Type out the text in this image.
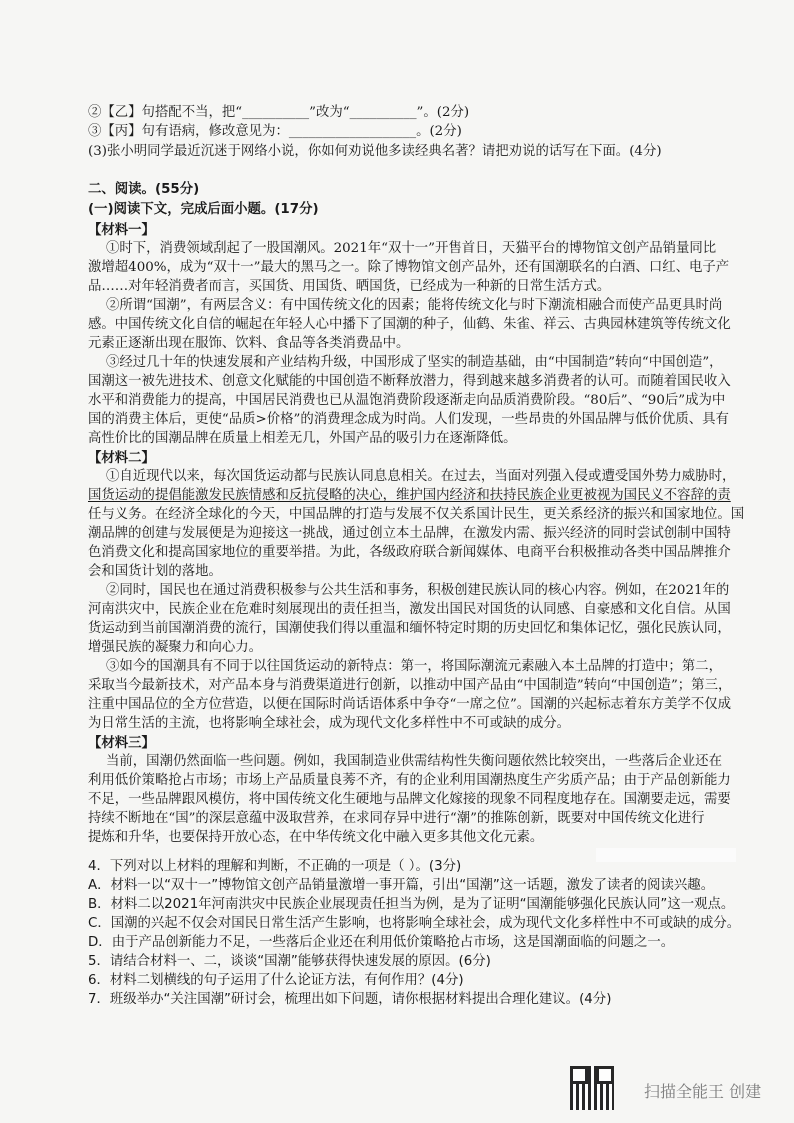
②【乙】句搭配不当，把“__________”改为“__________”。(2分)
③【丙】句有语病，修改意见为：___________________。(2分)
(3)张小明同学最近沉迷于网络小说，你如何劝说他多读经典名著？请把劝说的话写在下面。(4分)
二、阅读。(55分)
(一)阅读下文，完成后面小题。(17分)
【材料一】
①时下，消费领域刮起了一股国潮风。2021年“双十一”开售首日，天猫平台的博物馆文创产品销量同比
激增超400%，成为“双十一”最大的黑马之一。除了博物馆文创产品外，还有国潮联名的白酒、口红、电子产
品……对年轻消费者而言，买国货、用国货、晒国货，已经成为一种新的日常生活方式。
②所谓“国潮”，有两层含义：有中国传统文化的因素；能将传统文化与时下潮流相融合而使产品更具时尚
感。中国传统文化自信的崛起在年轻人心中播下了国潮的种子，仙鹤、朱雀、祥云、古典园林建筑等传统文化
元素正逐渐出现在服饰、饮料、食品等各类消费品中。
③经过几十年的快速发展和产业结构升级，中国形成了坚实的制造基础，由“中国制造”转向“中国创造”，
国潮这一被先进技术、创意文化赋能的中国创造不断释放潜力，得到越来越多消费者的认可。而随着国民收入
水平和消费能力的提高，中国居民消费也已从温饱消费阶段逐渐走向品质消费阶段。“80后”、“90后”成为中
国的消费主体后，更使“品质>价格”的消费理念成为时尚。人们发现，一些昂贵的外国品牌与低价优质、具有
高性价比的国潮品牌在质量上相差无几，外国产品的吸引力在逐渐降低。
【材料二】
①自近现代以来，每次国货运动都与民族认同息息相关。在过去，当面对列强入侵或遭受国外势力威胁时，
国货运动的提倡能激发民族情感和反抗侵略的决心，维护国内经济和扶持民族企业更被视为国民义不容辞的责
任与义务。在经济全球化的今天，中国品牌的打造与发展不仅关系国计民生，更关系经济的振兴和国家地位。国
潮品牌的创建与发展便是为迎接这一挑战，通过创立本土品牌，在激发内需、振兴经济的同时尝试创制中国特
色消费文化和提高国家地位的重要举措。为此，各级政府联合新闻媒体、电商平台积极推动各类中国品牌推介
会和国货计划的落地。
②同时，国民也在通过消费积极参与公共生活和事务，积极创建民族认同的核心内容。例如，在2021年的
河南洪灾中，民族企业在危难时刻展现出的责任担当，激发出国民对国货的认同感、自豪感和文化自信。从国
货运动到当前国潮消费的流行，国潮使我们得以重温和缅怀特定时期的历史回忆和集体记忆，强化民族认同，
增强民族的凝聚力和向心力。
③如今的国潮具有不同于以往国货运动的新特点：第一，将国际潮流元素融入本土品牌的打造中；第二，
采取当今最新技术，对产品本身与消费渠道进行创新，以推动中国产品由“中国制造”转向“中国创造”；第三，
注重中国品位的全方位营造，以便在国际时尚话语体系中争夺“一席之位”。国潮的兴起标志着东方美学不仅成
为日常生活的主流，也将影响全球社会，成为现代文化多样性中不可或缺的成分。
【材料三】
当前，国潮仍然面临一些问题。例如，我国制造业供需结构性失衡问题依然比较突出，一些落后企业还在
利用低价策略抢占市场；市场上产品质量良莠不齐，有的企业利用国潮热度生产劣质产品；由于产品创新能力
不足，一些品牌跟风模仿，将中国传统文化生硬地与品牌文化嫁接的现象不同程度地存在。国潮要走远，需要
持续不断地在“国”的深层意蕴中汲取营养，在求同存异中进行“潮”的推陈创新，既要对中国传统文化进行
提炼和升华，也要保持开放心态，在中华传统文化中融入更多其他文化元素。
4．下列对以上材料的理解和判断，不正确的一项是（ ）。(3分)
A．材料一以“双十一”博物馆文创产品销量激增一事开篇，引出“国潮”这一话题，激发了读者的阅读兴趣。
B．材料二以2021年河南洪灾中民族企业展现责任担当为例，是为了证明“国潮能够强化民族认同”这一观点。
C．国潮的兴起不仅会对国民日常生活产生影响，也将影响全球社会，成为现代文化多样性中不可或缺的成分。
D．由于产品创新能力不足，一些落后企业还在利用低价策略抢占市场，这是国潮面临的问题之一。
5．请结合材料一、二，谈谈“国潮”能够获得快速发展的原因。(6分)
6．材料二划横线的句子运用了什么论证方法，有何作用？(4分)
7．班级举办“关注国潮”研讨会，梳理出如下问题，请你根据材料提出合理化建议。(4分)
扫描全能王 创建
